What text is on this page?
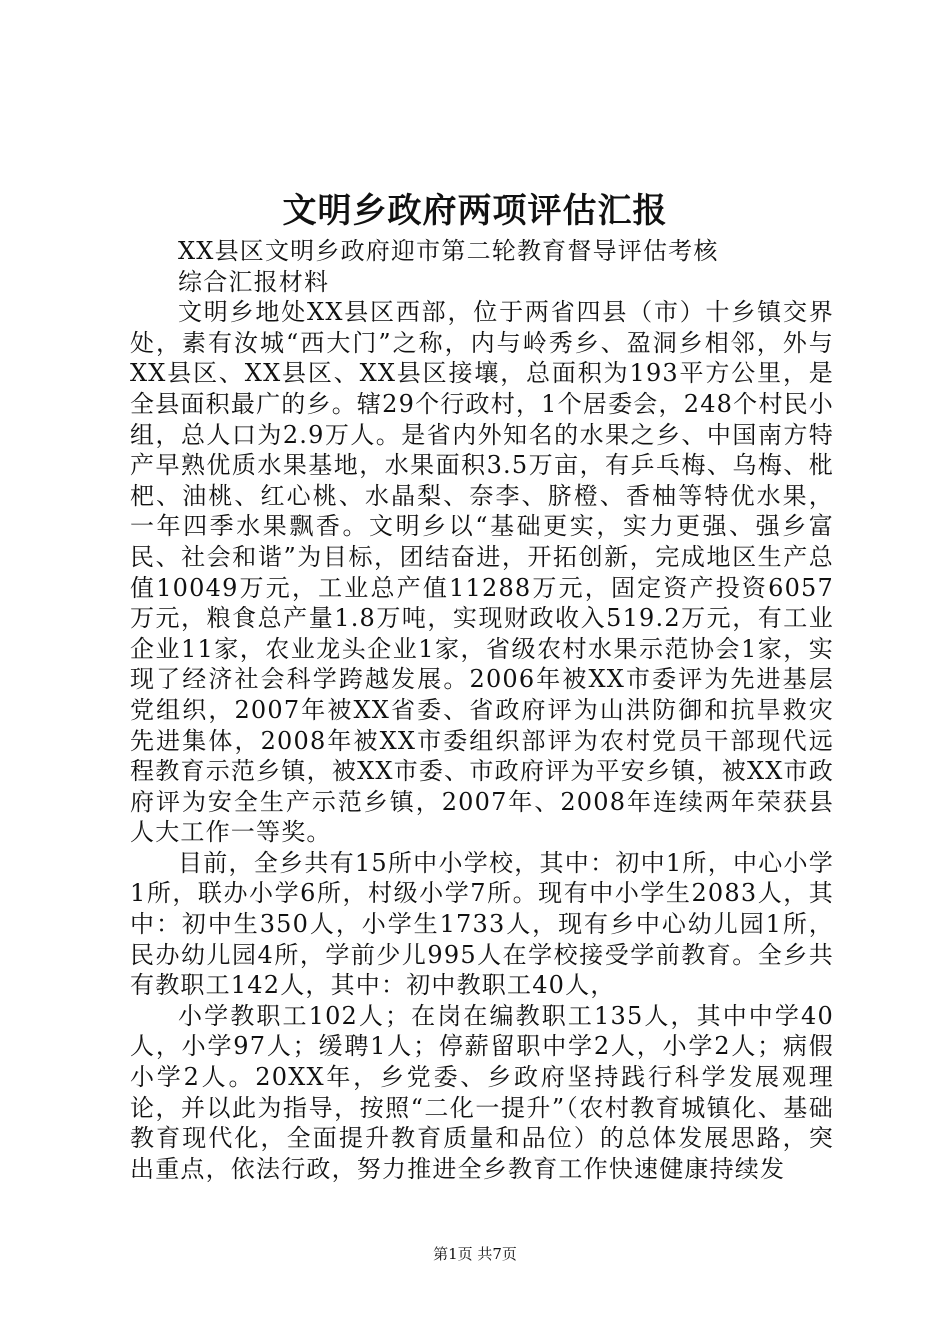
文明乡政府两项评估汇报

XX县区文明乡政府迎市第二轮教育督导评估考核

综合汇报材料

文明乡地处XX县区西部，位于两省四县（市）十乡镇交界处，素有汝城“西大门”之称，内与岭秀乡、盈洞乡相邻，外与XX县区、XX县区、XX县区接壤，总面积为193平方公里，是全县面积最广的乡。辖29个行政村，1个居委会，248个村民小组，总人口为2.9万人。是省内外知名的水果之乡、中国南方特产早熟优质水果基地，水果面积3.5万亩，有乒乓梅、乌梅、枇杷、油桃、红心桃、水晶梨、奈李、脐橙、香柚等特优水果，一年四季水果飘香。文明乡以“基础更实，实力更强、强乡富民、社会和谐”为目标，团结奋进，开拓创新，完成地区生产总值10049万元，工业总产值11288万元，固定资产投资6057万元，粮食总产量1.8万吨，实现财政收入519.2万元，有工业企业11家，农业龙头企业1家，省级农村水果示范协会1家，实现了经济社会科学跨越发展。2006年被XX市委评为先进基层党组织，2007年被XX省委、省政府评为山洪防御和抗旱救灾先进集体，2008年被XX市委组织部评为农村党员干部现代远程教育示范乡镇，被XX市委、市政府评为平安乡镇，被XX市政府评为安全生产示范乡镇，2007年、2008年连续两年荣获县人大工作一等奖。

目前，全乡共有15所中小学校，其中：初中1所，中心小学1所，联办小学6所，村级小学7所。现有中小学生2083人，其中：初中生350人，小学生1733人，现有乡中心幼儿园1所，民办幼儿园4所，学前少儿995人在学校接受学前教育。全乡共有教职工142人，其中：初中教职工40人，

小学教职工102人；在岗在编教职工135人，其中中学40人，小学97人；缓聘1人；停薪留职中学2人，小学2人；病假小学2人。20XX年，乡党委、乡政府坚持践行科学发展观理论，并以此为指导，按照“二化一提升”（农村教育城镇化、基础教育现代化，全面提升教育质量和品位）的总体发展思路，突出重点，依法行政，努力推进全乡教育工作快速健康持续发

第1页 共7页
